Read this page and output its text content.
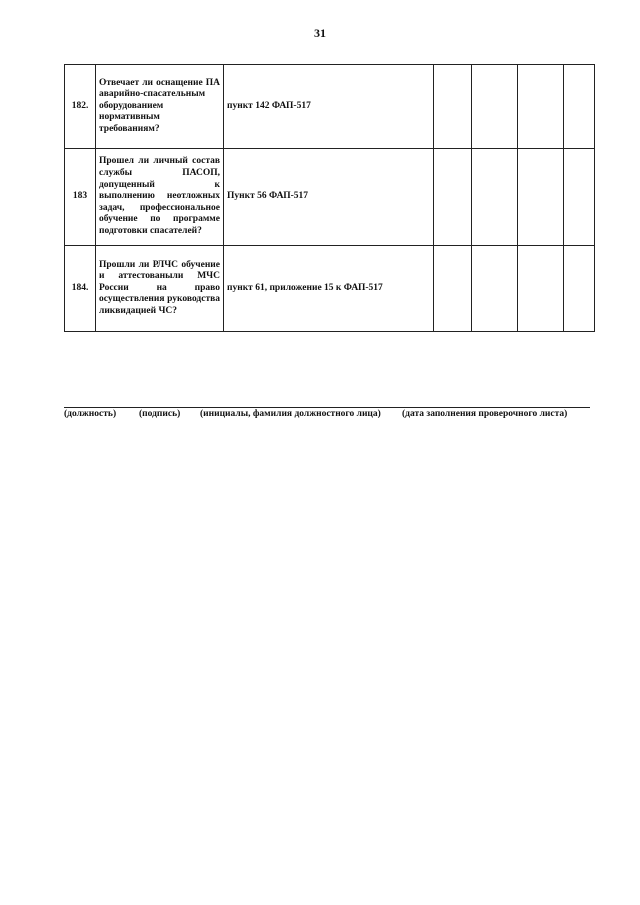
31
182.	Отвечает ли оснащение ПА аварийно-спасательным оборудованием нормативным требованиям?	пункт 142 ФАП-517				
183	Прошел ли личный состав службы ПАСОП, допущенный к выполнению неотложных задач, профессиональное обучение по программе подготовки спасателей?	Пункт 56 ФАП-517				
184.	Прошли ли РЛЧС обучение и аттестованыли МЧС России на право осуществления руководства ликвидацией ЧС?	пункт 61, приложение 15 к ФАП-517				
(должность) (подпись) (инициалы, фамилия должностного лица) (дата заполнения проверочного листа)
